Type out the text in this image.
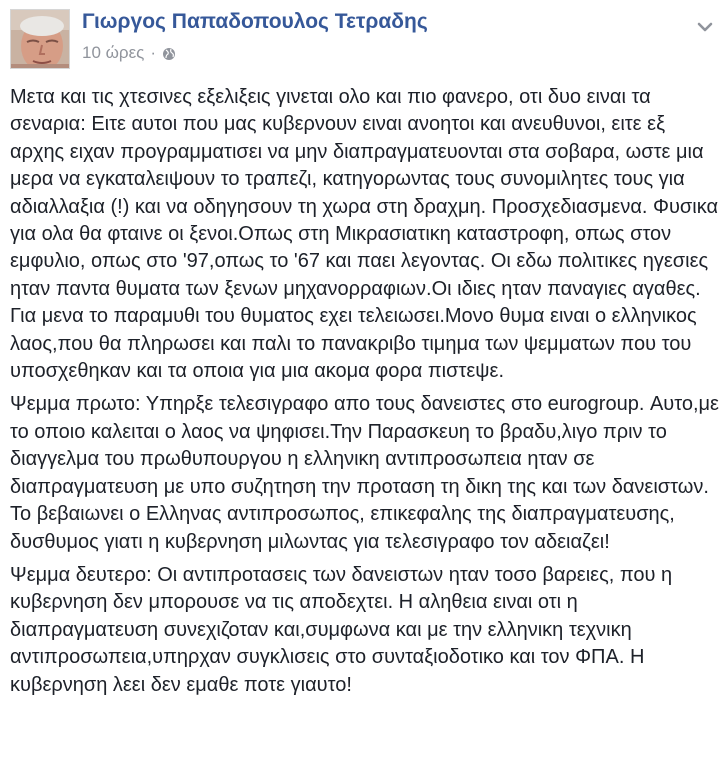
Γιωργος Παπαδοπουλος Τετραδης
10 ώρες ·

Μετα και τις χτεσινες εξελιξεις γινεται ολο και πιο φανερο, οτι δυο ειναι τα σεναρια: Ειτε αυτοι που μας κυβερνουν ειναι ανοητοι και ανευθυνοι, ειτε εξ αρχης ειχαν προγραμματισει να μην διαπραγματευονται στα σοβαρα, ωστε μια μερα να εγκαταλειψουν το τραπεζι, κατηγορωντας τους συνομιλητες τους για αδιαλλαξια (!) και να οδηγησουν τη χωρα στη δραχμη. Προσχεδιασμενα. Φυσικα για ολα θα φταινε οι ξενοι.Οπως στη Μικρασιατικη καταστροφη, οπως στον εμφυλιο, οπως στο '97,οπως το '67 και παει λεγοντας. Οι εδω πολιτικες ηγεσιες ηταν παντα θυματα των ξενων μηχανορραφιων.Οι ιδιες ηταν παναγιες αγαθες.
Για μενα το παραμυθι του θυματος εχει τελειωσει.Μονο θυμα ειναι ο ελληνικος λαος,που θα πληρωσει και παλι το πανακριβο τιμημα των ψεμματων που του υποσχεθηκαν και τα οποια για μια ακομα φορα πιστεψε.

Ψεμμα πρωτο: Υπηρξε τελεσιγραφο απο τους δανειστες στο eurogroup. Αυτο,με το οποιο καλειται ο λαος να ψηφισει.Την Παρασκευη το βραδυ,λιγο πριν το διαγγελμα του πρωθυπουργου η ελληνικη αντιπροσωπεια ηταν σε διαπραγματευση με υπο συζητηση την προταση τη δικη της και των δανειστων. Το βεβαιωνει ο Ελληνας αντιπροσωπος, επικεφαλης της διαπραγματευσης, δυσθυμος γιατι η κυβερνηση μιλωντας για τελεσιγραφο τον αδειαζει!

Ψεμμα δευτερο: Οι αντιπροτασεις των δανειστων ηταν τοσο βαρειες, που η κυβερνηση δεν μπορουσε να τις αποδεχτει. Η αληθεια ειναι οτι η διαπραγματευση συνεχιζοταν και,συμφωνα και με την ελληνικη τεχνικη αντιπροσωπεια,υπηρχαν συγκλισεις στο συνταξιοδοτικο και τον ΦΠΑ. Η κυβερνηση λεει δεν εμαθε ποτε γιαυτο!
